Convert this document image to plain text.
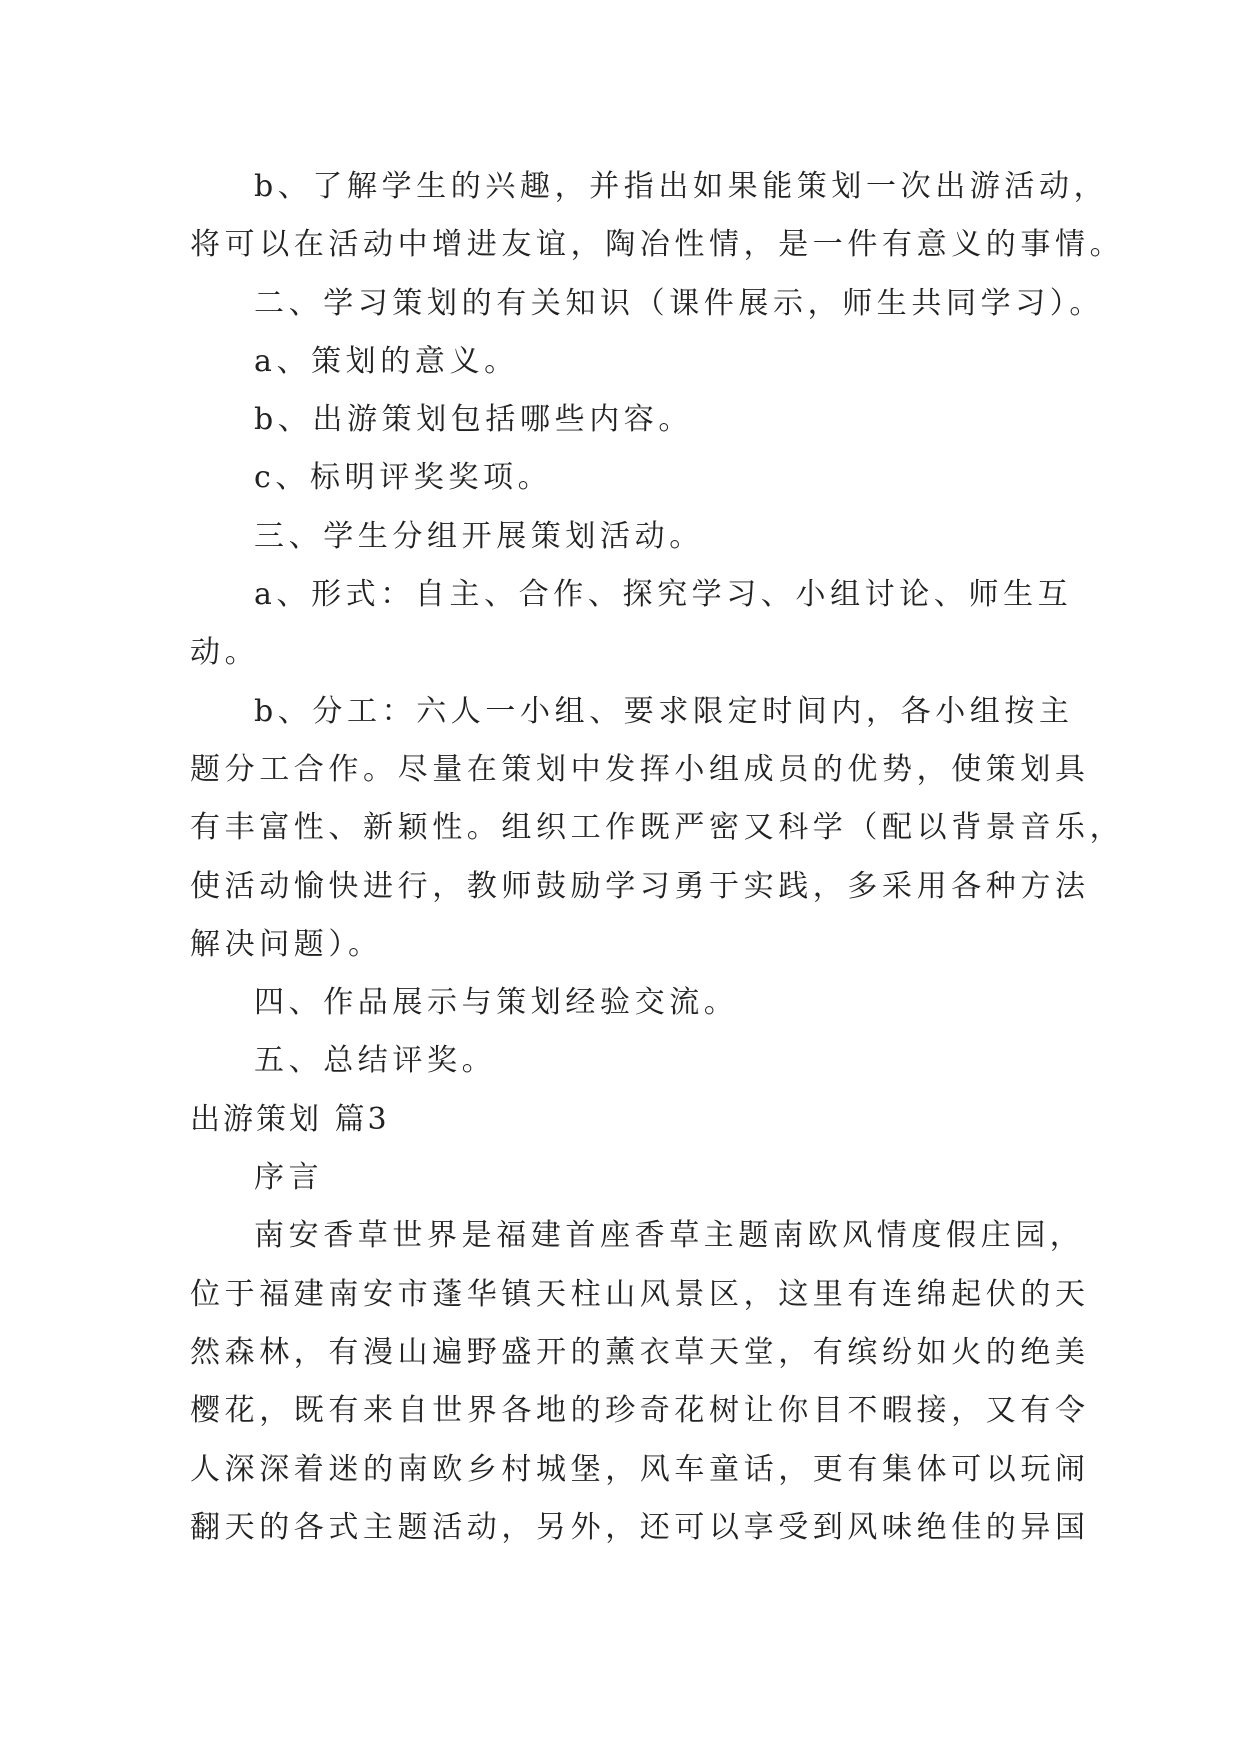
b、了解学生的兴趣，并指出如果能策划一次出游活动，
将可以在活动中增进友谊，陶冶性情，是一件有意义的事情。
二、学习策划的有关知识（课件展示，师生共同学习）。
a、策划的意义。
b、出游策划包括哪些内容。
c、标明评奖奖项。
三、学生分组开展策划活动。
a、形式：自主、合作、探究学习、小组讨论、师生互
动。
b、分工：六人一小组、要求限定时间内，各小组按主
题分工合作。尽量在策划中发挥小组成员的优势，使策划具
有丰富性、新颖性。组织工作既严密又科学（配以背景音乐，
使活动愉快进行，教师鼓励学习勇于实践，多采用各种方法
解决问题）。
四、作品展示与策划经验交流。
五、总结评奖。
出游策划 篇3
序言
南安香草世界是福建首座香草主题南欧风情度假庄园，
位于福建南安市蓬华镇天柱山风景区，这里有连绵起伏的天
然森林，有漫山遍野盛开的薰衣草天堂，有缤纷如火的绝美
樱花，既有来自世界各地的珍奇花树让你目不暇接，又有令
人深深着迷的南欧乡村城堡，风车童话，更有集体可以玩闹
翻天的各式主题活动，另外，还可以享受到风味绝佳的异国
